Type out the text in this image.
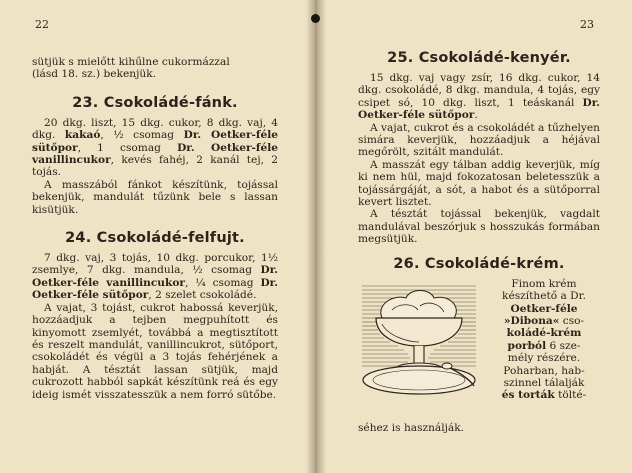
22	23

sütjük s mielőtt kihűlne cukormázzal

(lásd 18. sz.) bekenjük.

23. Csokoládé-fánk.

20 dkg. liszt, 15 dkg. cukor, 8 dkg. vaj, 4 dkg. kakaó, ½ csomag Dr. Oetker-féle sütőpor, 1 csomag Dr. Oetker-féle vanillincukor, kevés fahéj, 2 kanál tej, 2 tojás.

A masszából fánkot készítünk, tojással bekenjük, mandulát tűzünk bele s lassan kisütjük.

24. Csokoládé-felfujt.

7 dkg. vaj, 3 tojás, 10 dkg. porcukor, 1½ zsemlye, 7 dkg. mandula, ½ csomag Dr. Oetker-féle vanillincukor, ¼ csomag Dr. Oetker-féle sütőpor, 2 szelet csokoládé.

A vajat, 3 tojást, cukrot habossá keverjük, hozzáadjuk a tejben megpuhított és kinyomott zsemlyét, továbbá a megtisztított és reszelt mandulát, vanillincukrot, sütőport, csokoládét és végül a 3 tojás fehérjének a habját. A tésztát lassan sütjük, majd cukrozott habból sapkát készítünk reá és egy ideig ismét visszatesszük a nem forró sütőbe.

25. Csokoládé-kenyér.

15 dkg. vaj vagy zsír, 16 dkg. cukor, 14 dkg. csokoládé, 8 dkg. mandula, 4 tojás, egy csipet só, 10 dkg. liszt, 1 teáskanál Dr. Oetker-féle sütőpor.

A vajat, cukrot és a csokoládét a tűzhelyen simára keverjük, hozzáadjuk a héjával megőrölt, szitált mandulát.

A masszát egy tálban addig keverjük, míg ki nem hül, majd fokozatosan beletesszük a tojássárgáját, a sót, a habot és a sütőporral kevert lisztet.

A tésztát tojással bekenjük, vagdalt mandulával beszórjuk s hosszukás formában megsütjük.

26. Csokoládé-krém.
Finom krém
készíthető a Dr.
Oetker-féle
»Dibona« cso-
koládé-krém
porból 6 sze-
mély részére.
Poharban, hab-
szinnel tálalják
és torták tölté-

séhez is használják.
